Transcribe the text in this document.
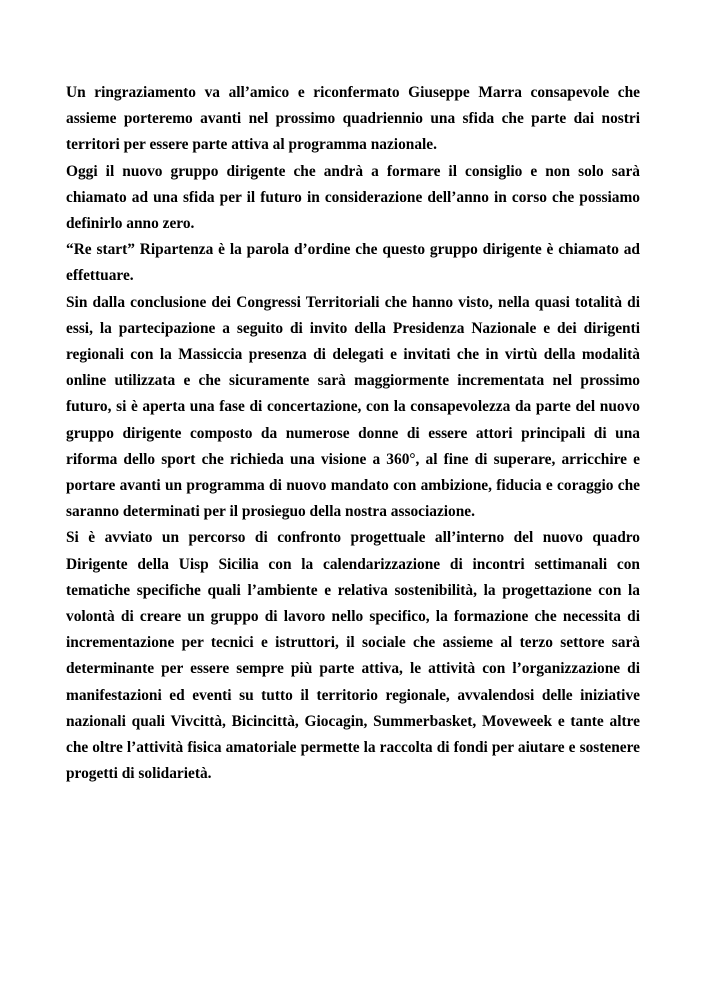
Un ringraziamento va all’amico e riconfermato Giuseppe Marra consapevole che assieme porteremo avanti nel prossimo quadriennio una sfida che parte dai nostri territori per essere parte attiva al programma nazionale.

Oggi il nuovo gruppo dirigente che andrà a formare il consiglio e non solo sarà chiamato ad una sfida per il futuro in considerazione dell’anno in corso che possiamo definirlo anno zero.

“Re start” Ripartenza è la parola d’ordine che questo gruppo dirigente è chiamato ad effettuare.

Sin dalla conclusione dei Congressi Territoriali che hanno visto, nella quasi totalità di essi, la partecipazione a seguito di invito della Presidenza Nazionale e dei dirigenti regionali con la Massiccia presenza di delegati e invitati che in virtù della modalità online utilizzata e che sicuramente sarà maggiormente incrementata nel prossimo futuro, si è aperta una fase di concertazione, con la consapevolezza da parte del nuovo gruppo dirigente composto da numerose donne di essere attori principali di una riforma dello sport che richieda una visione a 360°, al fine di superare, arricchire e portare avanti un programma di nuovo mandato con ambizione, fiducia e coraggio che saranno determinati per il prosieguo della nostra associazione.

Si è avviato un percorso di confronto progettuale all’interno del nuovo quadro Dirigente della Uisp Sicilia con la calendarizzazione di incontri settimanali con tematiche specifiche quali l’ambiente e relativa sostenibilità, la progettazione con la volontà di creare un gruppo di lavoro nello specifico, la formazione che necessita di incrementazione per tecnici e istruttori, il sociale che assieme al terzo settore sarà determinante per essere sempre più parte attiva, le attività con l’organizzazione di manifestazioni ed eventi su tutto il territorio regionale, avvalendosi delle iniziative nazionali quali Vivcittà, Bicincittà, Giocagin, Summerbasket, Moveweek e tante altre che oltre l’attività fisica amatoriale permette la raccolta di fondi per aiutare e sostenere progetti di solidarietà.
